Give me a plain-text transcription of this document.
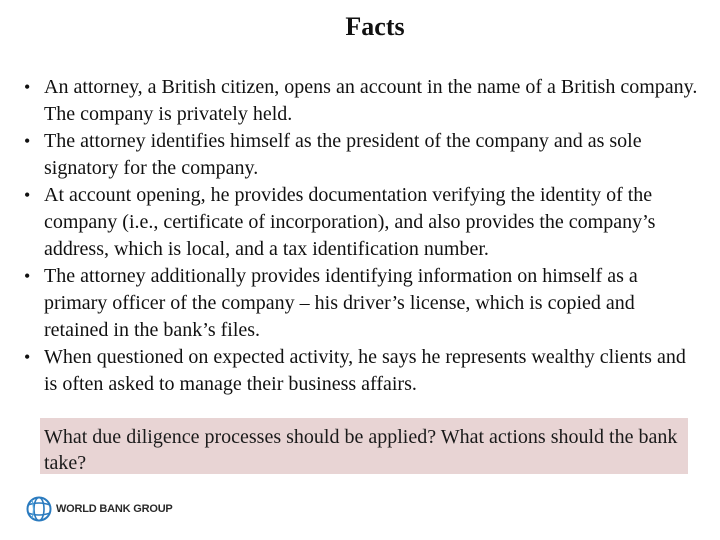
Facts
• An attorney, a British citizen, opens an account in the name of a British company. The company is privately held.
• The attorney identifies himself as the president of the company and as sole signatory for the company.
• At account opening, he provides documentation verifying the identity of the company (i.e., certificate of incorporation), and also provides the company’s address, which is local, and a tax identification number.
• The attorney additionally provides identifying information on himself as a primary officer of the company – his driver’s license, which is copied and retained in the bank’s files.
• When questioned on expected activity, he says he represents wealthy clients and is often asked to manage their business affairs.
What due diligence processes should be applied? What actions should the bank take?
WORLD BANK GROUP
